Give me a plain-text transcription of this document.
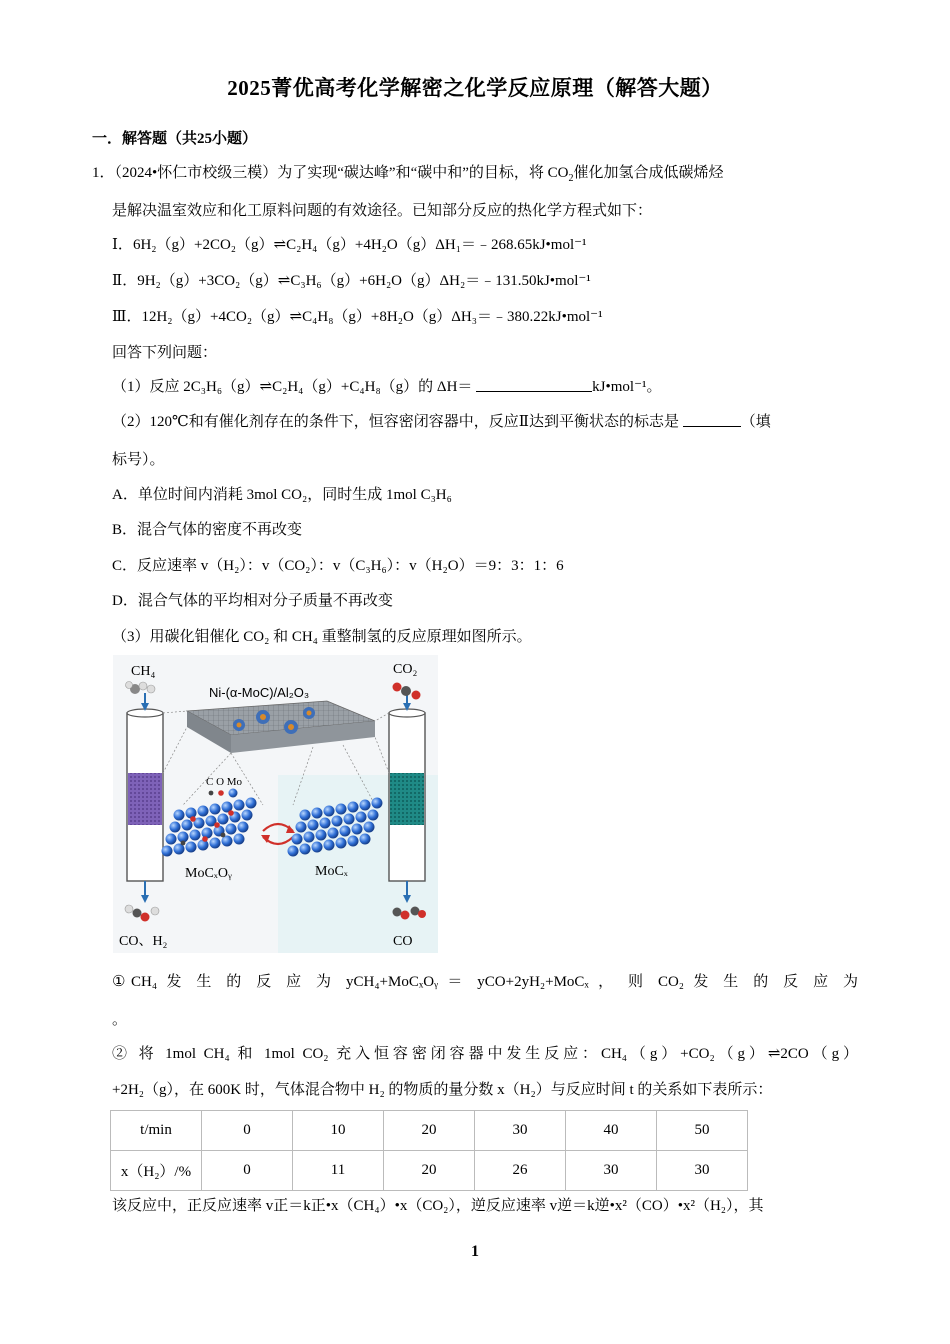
2025菁优高考化学解密之化学反应原理（解答大题）
一．解答题（共25小题）
1．（2024•怀仁市校级三模）为了实现“碳达峰”和“碳中和”的目标，将 $CO_2$催化加氢合成低碳烯烃
是解决温室效应和化工原料问题的有效途径。已知部分反应的热化学方程式如下：
Ⅰ．6H₂（g）+2CO₂（g）⇌C₂H₄（g）+4H₂O（g）ΔH₁＝﹣268.65kJ•mol⁻¹
Ⅱ．9H₂（g）+3CO₂（g）⇌C₃H₆（g）+6H₂O（g）ΔH₂＝﹣131.50kJ•mol⁻¹
Ⅲ．12H₂（g）+4CO₂（g）⇌C₄H₈（g）+8H₂O（g）ΔH₃＝﹣380.22kJ•mol⁻¹
回答下列问题：
（1）反应 2C₃H₆（g）⇌C₂H₄（g）+C₄H₈（g）的 ΔH＝	kJ•mol⁻¹。
（2）120℃和有催化剂存在的条件下，恒容密闭容器中，反应Ⅱ达到平衡状态的标志是	（填
标号）。
A．单位时间内消耗 3mol CO₂，同时生成 1mol C₃H₆
B．混合气体的密度不再改变
C．反应速率 v（H₂）：v（CO₂）：v（C₃H₆）：v（H₂O）＝9：3：1：6
D．混合气体的平均相对分子质量不再改变
（3）用碳化钼催化 CO₂ 和 CH₄ 重整制氢的反应原理如图所示。
CH₄	CO₂
Ni-(α-MoC)/Al₂O₃
C O Mo
MoCₓOᵧ	MoCₓ
CO、H₂	CO
①CH₄ 发 生 的 反 应 为 yCH₄+MoCₓOᵧ ＝ yCO+2yH₂+MoCₓ ， 则 CO₂ 发 生 的 反 应 为
。
② 将 1mol CH₄ 和 1mol CO₂ 充入恒容密闭容器中发生反应：CH₄（g）+CO₂（g）⇌2CO（g）
+2H₂（g），在 600K 时，气体混合物中 H₂ 的物质的量分数 x（H₂）与反应时间 t 的关系如下表所示：
t/min	0	10	20	30	40	50
x（H₂）/%	0	11	20	26	30	30
该反应中，正反应速率 v正＝k正•x（CH₄）•x（CO₂），逆反应速率 v逆＝k逆•x²（CO）•x²（H₂），其
1
